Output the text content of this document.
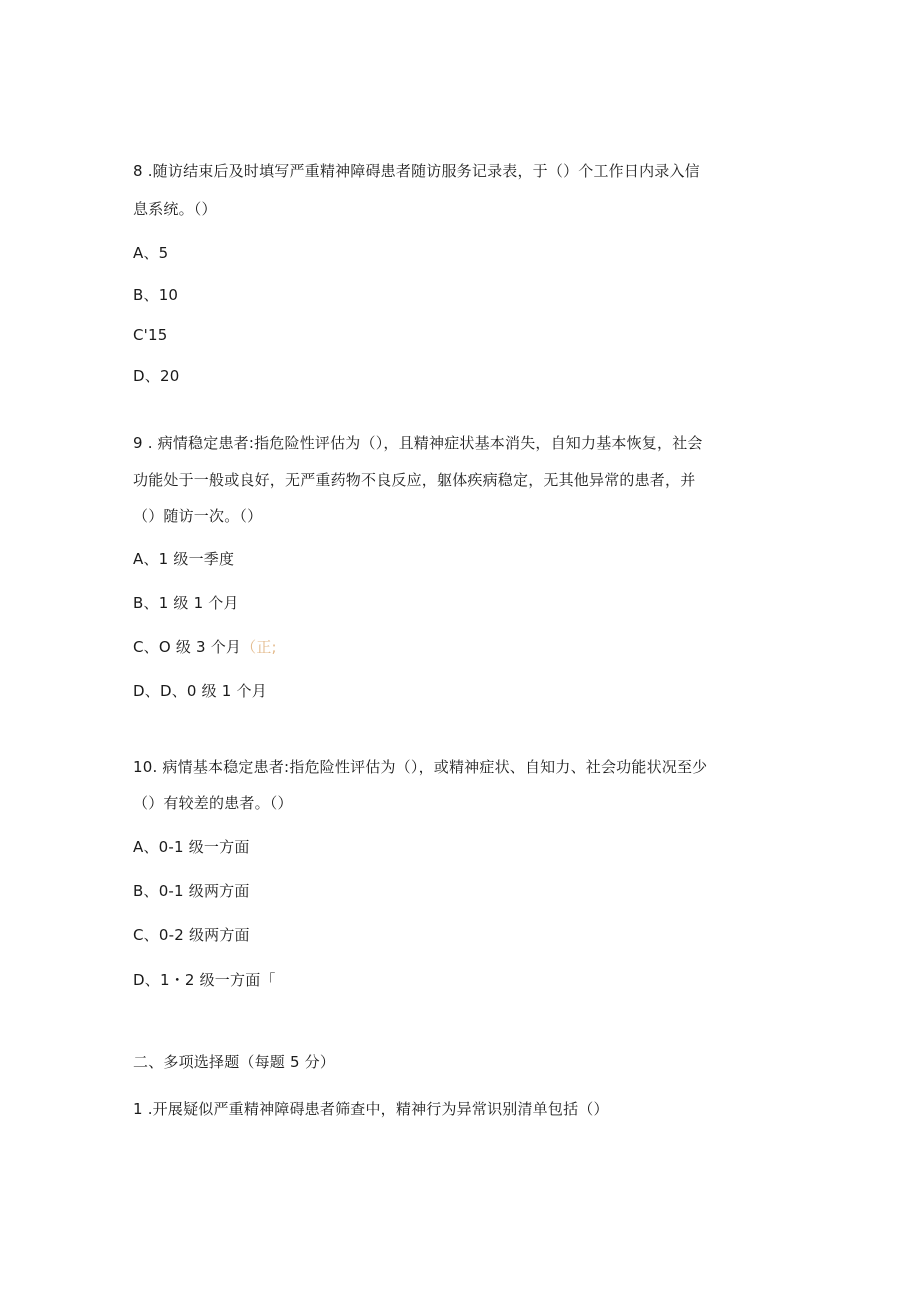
8 .随访结束后及时填写严重精神障碍患者随访服务记录表，于（）个工作日内录入信
息系统。（）
A、5
B、10
C'15
D、20
9 . 病情稳定患者:指危险性评估为（），且精神症状基本消失，自知力基本恢复，社会
功能处于一般或良好，无严重药物不良反应，躯体疾病稳定，无其他异常的患者，并
（）随访一次。（）
A、1 级一季度
B、1 级 1 个月
C、O 级 3 个月（正;
D、D、0 级 1 个月
10. 病情基本稳定患者:指危险性评估为（），或精神症状、自知力、社会功能状况至少
（）有较差的患者。（）
A、0-1 级一方面
B、0-1 级两方面
C、0-2 级两方面
D、1・2 级一方面「
二、多项选择题（每题 5 分）
1 .开展疑似严重精神障碍患者筛查中，精神行为异常识别清单包括（）
